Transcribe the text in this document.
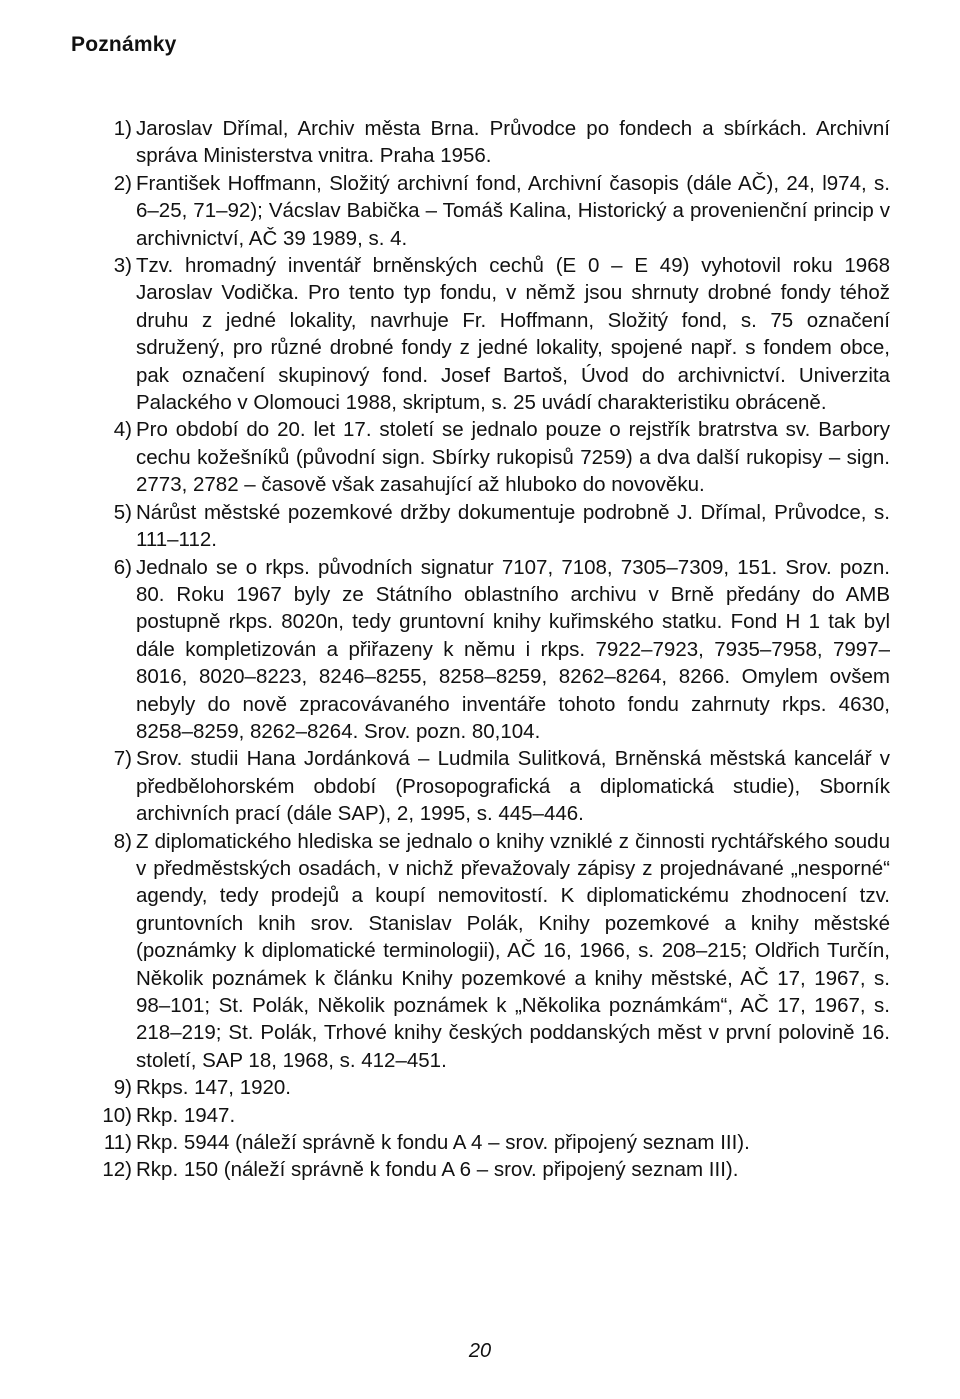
Poznámky
1) Jaroslav Dřímal, Archiv města Brna. Průvodce po fondech a sbírkách. Archivní správa Ministerstva vnitra. Praha 1956.
2) František Hoffmann, Složitý archivní fond, Archivní časopis (dále AČ), 24, l974, s. 6–25, 71–92); Vácslav Babička – Tomáš Kalina, Historický a provenienční princip v archivnictví, AČ 39 1989, s. 4.
3) Tzv. hromadný inventář brněnských cechů (E 0 – E 49) vyhotovil roku 1968 Jaroslav Vodička. Pro tento typ fondu, v němž jsou shrnuty drobné fondy téhož druhu z jedné lokality, navrhuje Fr. Hoffmann, Složitý fond, s. 75 označení sdružený, pro různé drobné fondy z jedné lokality, spojené např. s fondem obce, pak označení skupinový fond. Josef Bartoš, Úvod do archivnictví. Univerzita Palackého v Olomouci 1988, skriptum, s. 25 uvádí charakteristiku obráceně.
4) Pro období do 20. let 17. století se jednalo pouze o rejstřík bratrstva sv. Barbory cechu kožešníků (původní sign. Sbírky rukopisů 7259) a dva další rukopisy – sign. 2773, 2782 – časově však zasahující až hluboko do novověku.
5) Nárůst městské pozemkové držby dokumentuje podrobně J. Dřímal, Průvodce, s. 111–112.
6) Jednalo se o rkps. původních signatur 7107, 7108, 7305–7309, 151. Srov. pozn. 80. Roku 1967 byly ze Státního oblastního archivu v Brně předány do AMB postupně rkps. 8020n, tedy gruntovní knihy kuřimského statku. Fond H 1 tak byl dále kompletizován a přiřazeny k němu i rkps. 7922–7923, 7935–7958, 7997–8016, 8020–8223, 8246–8255, 8258–8259, 8262–8264, 8266. Omylem ovšem nebyly do nově zpracovávaného inventáře tohoto fondu zahrnuty rkps. 4630, 8258–8259, 8262–8264. Srov. pozn. 80,104.
7) Srov. studii Hana Jordánková – Ludmila Sulitková, Brněnská městská kancelář v předbělohorském období (Prosopografická a diplomatická studie), Sborník archivních prací (dále SAP), 2, 1995, s. 445–446.
8) Z diplomatického hlediska se jednalo o knihy vzniklé z činnosti rychtářského soudu v předměstských osadách, v nichž převažovaly zápisy z projednávané „nesporné“ agendy, tedy prodejů a koupí nemovitostí. K diplomatickému zhodnocení tzv. gruntovních knih srov. Stanislav Polák, Knihy pozemkové a knihy městské (poznámky k diplomatické terminologii), AČ 16, 1966, s. 208–215; Oldřich Turčín, Několik poznámek k článku Knihy pozemkové a knihy městské, AČ 17, 1967, s. 98–101; St. Polák, Několik poznámek k „Několika poznámkám“, AČ 17, 1967, s. 218–219; St. Polák, Trhové knihy českých poddanských měst v první polovině 16. století, SAP 18, 1968, s. 412–451.
9) Rkps. 147, 1920.
10) Rkp. 1947.
11) Rkp. 5944 (náleží správně k fondu A 4 – srov. připojený seznam III).
12) Rkp. 150 (náleží správně k fondu A 6 – srov. připojený seznam III).
20
